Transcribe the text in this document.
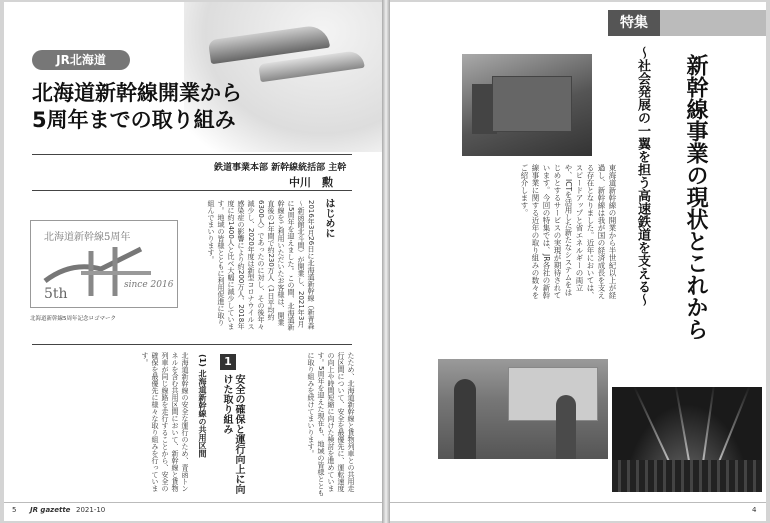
JR北海道
北海道新幹線開業から
5周年までの取り組み
鉄道事業本部 新幹線統括部 主幹
中川　勲
北海道新幹線5周年
5th
since 2016
北海道新幹線5周年記念ロゴマーク
はじめに
2016年3月26日に北海道新幹線（新青森～新函館北斗間）が開業し、2021年3月に5周年を迎えました。この間、北海道新幹線をご利用いただいたお客様は、開業直後の1年間で約230万人（1日平均約6300人）であったのに対し、その後年々減少し、2020年度は新型コロナウイルス感染症の影響により約200万人、2018年度に約1400人と比べ大幅に減少しています。地域の皆様とともに利用促進に取り組んでまいります。
1
安全の確保と運行向上に向けた取り組み
(1) 北海道新幹線の共用区間
北海道新幹線の安全な運行のため、青函トンネルを含む共用区間において、新幹線と貨物列車が同じ線路を走行することから、安全の確保を最優先に様々な取り組みを行っています。	たため、北海道新幹線と貨物列車との共用走行区間について、安全を最優先に、運転速度の向上や時間短縮に向けた検討を進めています。5周年を迎えた現在も、地域の皆様とともに取り組みを続けてまいります。
5 JR gazette 2021-10
特集
新幹線事業の現状とこれから
～社会発展の一翼を担う高速鉄道を支える～
東海道新幹線の開業から半世紀以上が経過し、新幹線は我が国の経済成長を支える存在となりました。近年においては、スピードアップと省エネルギーの両立や、ICTを活用した新たなシステムをはじめとするサービスの実現が期待されています。今回の特集では、JR各社の新幹線事業に関する近年の取り組みの数々をご紹介します。
4
